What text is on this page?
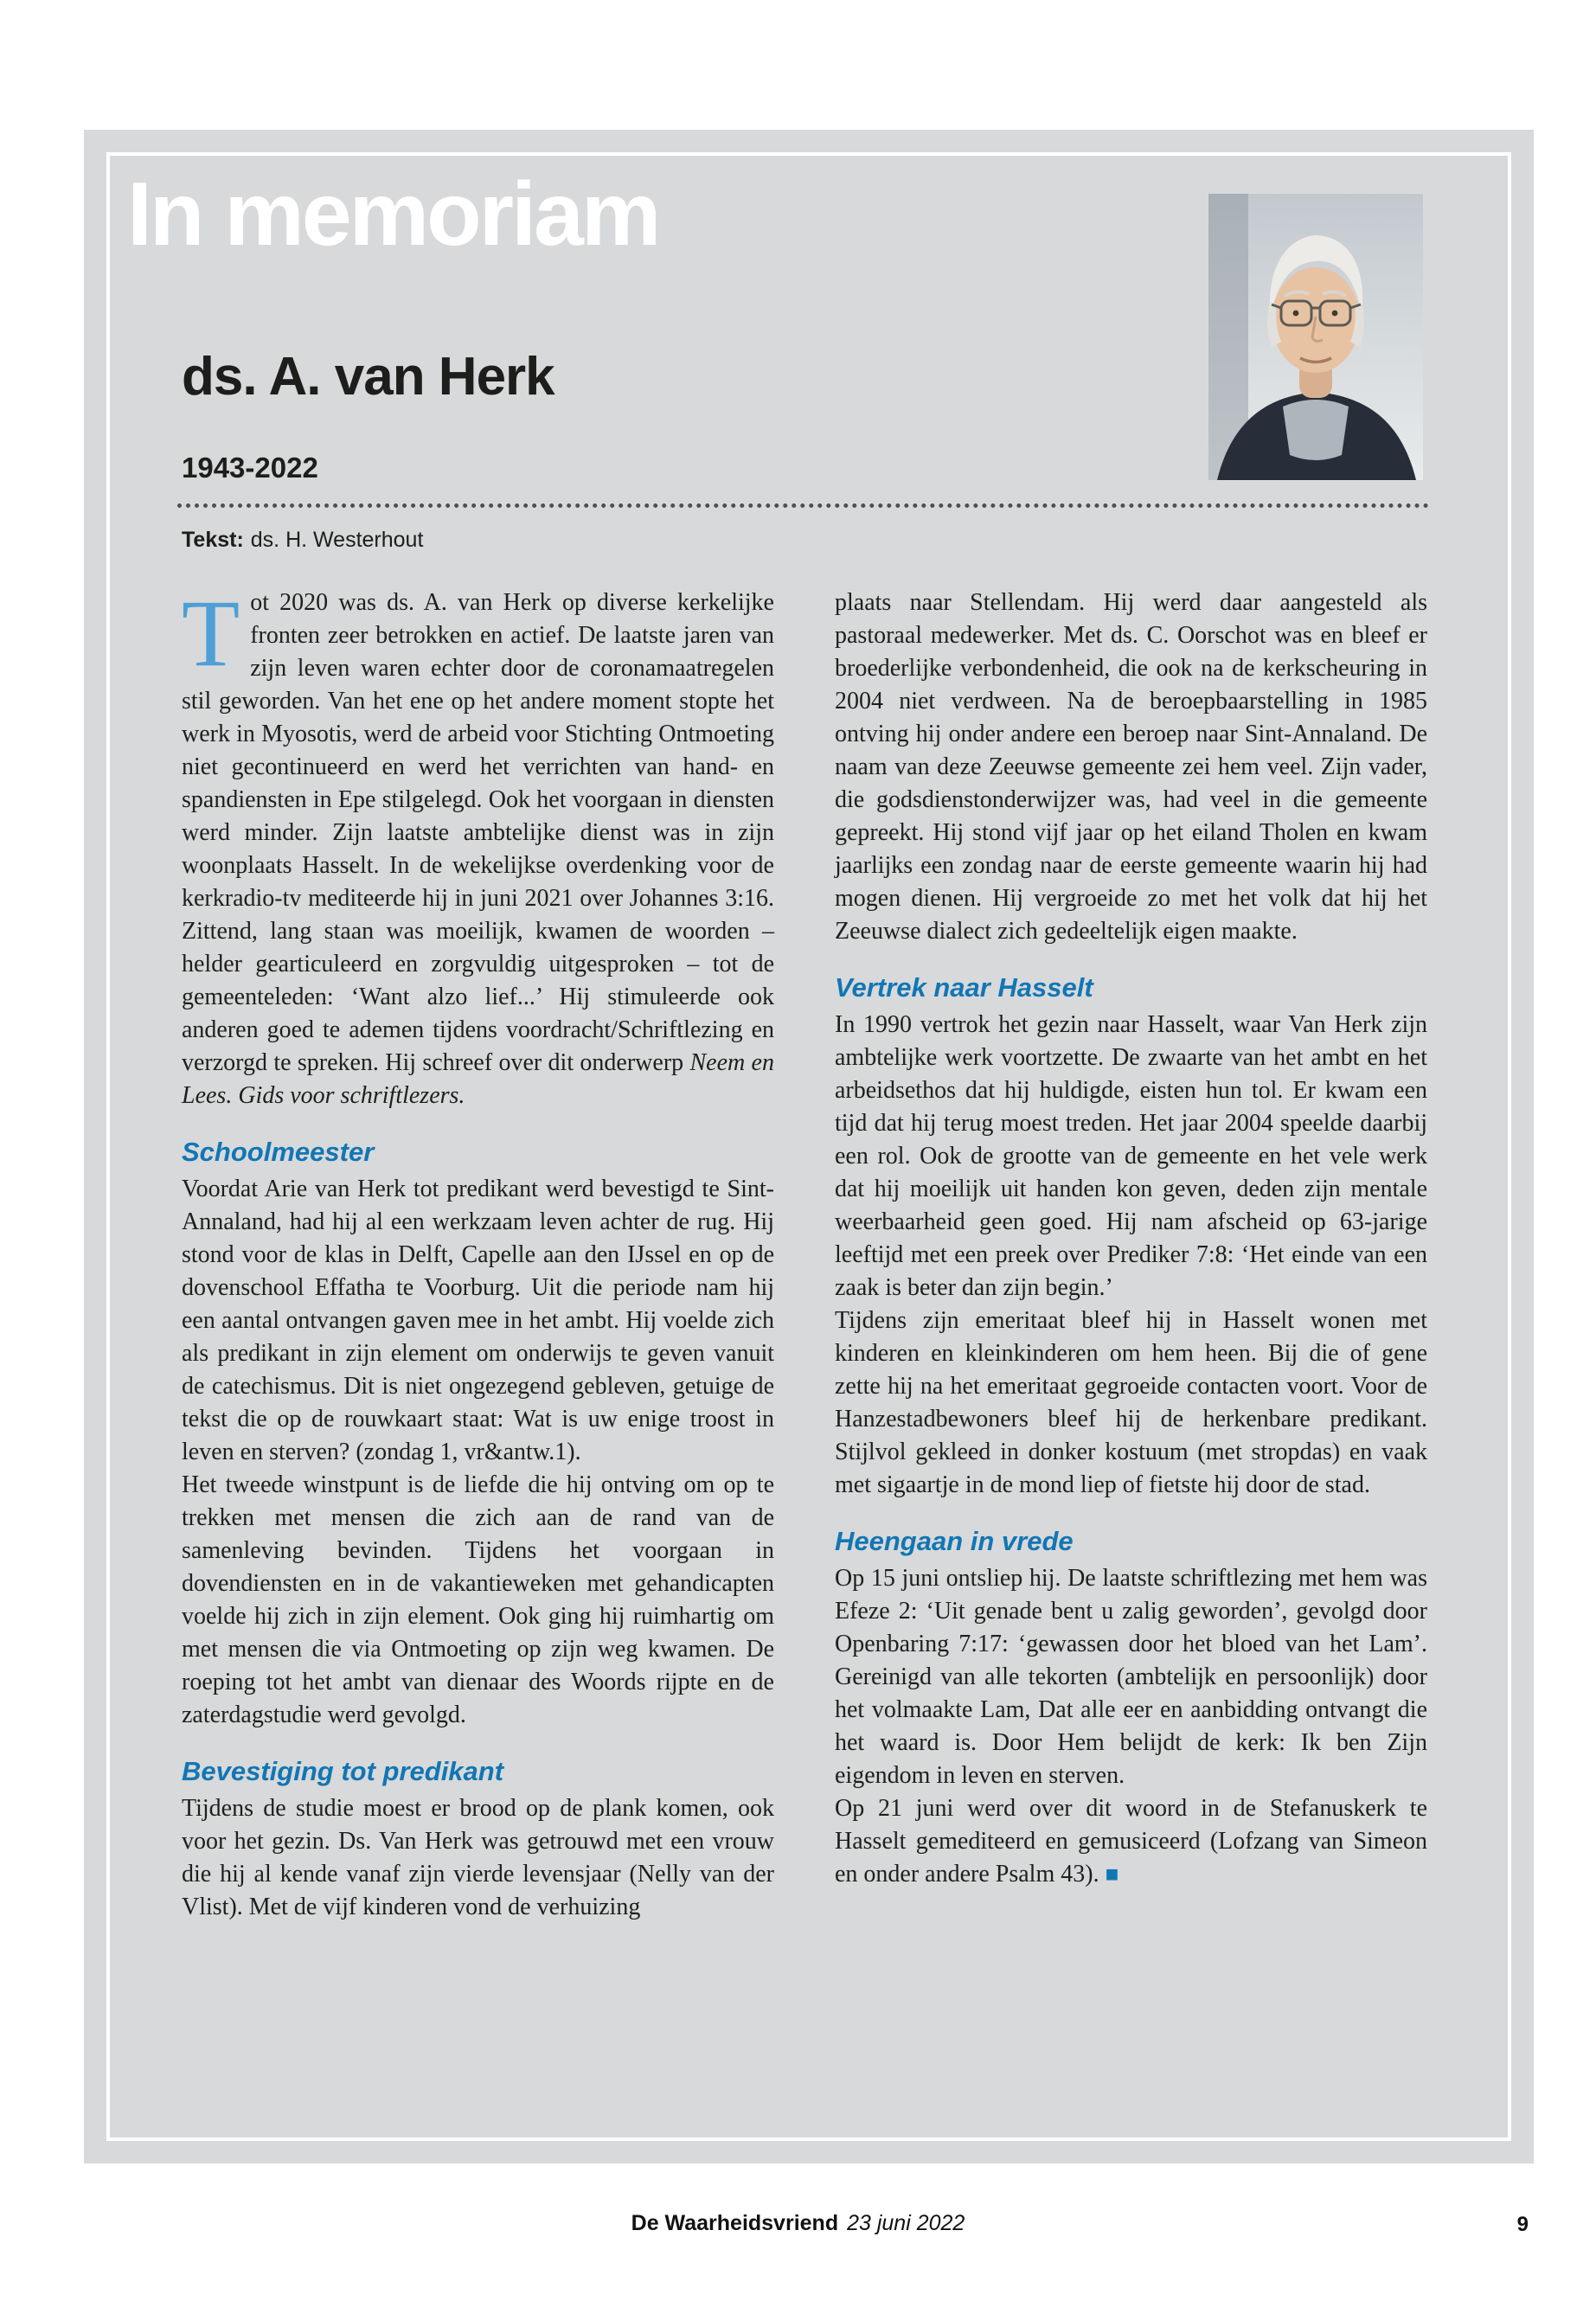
In memoriam
ds. A. van Herk
1943-2022
Tekst: ds. H. Westerhout

Tot 2020 was ds. A. van Herk op diverse kerkelijke fronten zeer betrokken en actief. De laatste jaren van zijn leven waren echter door de coronamaatregelen stil geworden. Van het ene op het andere moment stopte het werk in Myosotis, werd de arbeid voor Stichting Ontmoeting niet gecontinueerd en werd het verrichten van hand- en spandiensten in Epe stilgelegd. Ook het voorgaan in diensten werd minder. Zijn laatste ambtelijke dienst was in zijn woonplaats Hasselt. In de wekelijkse overdenking voor de kerkradio-tv mediteerde hij in juni 2021 over Johannes 3:16. Zittend, lang staan was moeilijk, kwamen de woorden – helder gearticuleerd en zorgvuldig uitgesproken – tot de gemeenteleden: ‘Want alzo lief...’ Hij stimuleerde ook anderen goed te ademen tijdens voordracht/Schriftlezing en verzorgd te spreken. Hij schreef over dit onderwerp Neem en Lees. Gids voor schriftlezers.

Schoolmeester

Voordat Arie van Herk tot predikant werd bevestigd te Sint-Annaland, had hij al een werkzaam leven achter de rug. Hij stond voor de klas in Delft, Capelle aan den IJssel en op de dovenschool Effatha te Voorburg. Uit die periode nam hij een aantal ontvangen gaven mee in het ambt. Hij voelde zich als predikant in zijn element om onderwijs te geven vanuit de catechismus. Dit is niet ongezegend gebleven, getuige de tekst die op de rouwkaart staat: Wat is uw enige troost in leven en sterven? (zondag 1, vr&antw.1).

Het tweede winstpunt is de liefde die hij ontving om op te trekken met mensen die zich aan de rand van de samenleving bevinden. Tijdens het voorgaan in dovendiensten en in de vakantieweken met gehandicapten voelde hij zich in zijn element. Ook ging hij ruimhartig om met mensen die via Ontmoeting op zijn weg kwamen. De roeping tot het ambt van dienaar des Woords rijpte en de zaterdagstudie werd gevolgd.

Bevestiging tot predikant

Tijdens de studie moest er brood op de plank komen, ook voor het gezin. Ds. Van Herk was getrouwd met een vrouw die hij al kende vanaf zijn vierde levensjaar (Nelly van der Vlist). Met de vijf kinderen vond de verhuizing

plaats naar Stellendam. Hij werd daar aangesteld als pastoraal medewerker. Met ds. C. Oorschot was en bleef er broederlijke verbondenheid, die ook na de kerkscheuring in 2004 niet verdween. Na de beroepbaarstelling in 1985 ontving hij onder andere een beroep naar Sint-Annaland. De naam van deze Zeeuwse gemeente zei hem veel. Zijn vader, die godsdienstonderwijzer was, had veel in die gemeente gepreekt. Hij stond vijf jaar op het eiland Tholen en kwam jaarlijks een zondag naar de eerste gemeente waarin hij had mogen dienen. Hij vergroeide zo met het volk dat hij het Zeeuwse dialect zich gedeeltelijk eigen maakte.

Vertrek naar Hasselt

In 1990 vertrok het gezin naar Hasselt, waar Van Herk zijn ambtelijke werk voortzette. De zwaarte van het ambt en het arbeidsethos dat hij huldigde, eisten hun tol. Er kwam een tijd dat hij terug moest treden. Het jaar 2004 speelde daarbij een rol. Ook de grootte van de gemeente en het vele werk dat hij moeilijk uit handen kon geven, deden zijn mentale weerbaarheid geen goed. Hij nam afscheid op 63-jarige leeftijd met een preek over Prediker 7:8: ‘Het einde van een zaak is beter dan zijn begin.’

Tijdens zijn emeritaat bleef hij in Hasselt wonen met kinderen en kleinkinderen om hem heen. Bij die of gene zette hij na het emeritaat gegroeide contacten voort. Voor de Hanzestadbewoners bleef hij de herkenbare predikant. Stijlvol gekleed in donker kostuum (met stropdas) en vaak met sigaartje in de mond liep of fietste hij door de stad.

Heengaan in vrede

Op 15 juni ontsliep hij. De laatste schriftlezing met hem was Efeze 2: ‘Uit genade bent u zalig geworden’, gevolgd door Openbaring 7:17: ‘gewassen door het bloed van het Lam’. Gereinigd van alle tekorten (ambtelijk en persoonlijk) door het volmaakte Lam, Dat alle eer en aanbidding ontvangt die het waard is. Door Hem belijdt de kerk: Ik ben Zijn eigendom in leven en sterven.

Op 21 juni werd over dit woord in de Stefanuskerk te Hasselt gemediteerd en gemusiceerd (Lofzang van Simeon en onder andere Psalm 43). ■

De Waarheidsvriend 23 juni 2022	9
